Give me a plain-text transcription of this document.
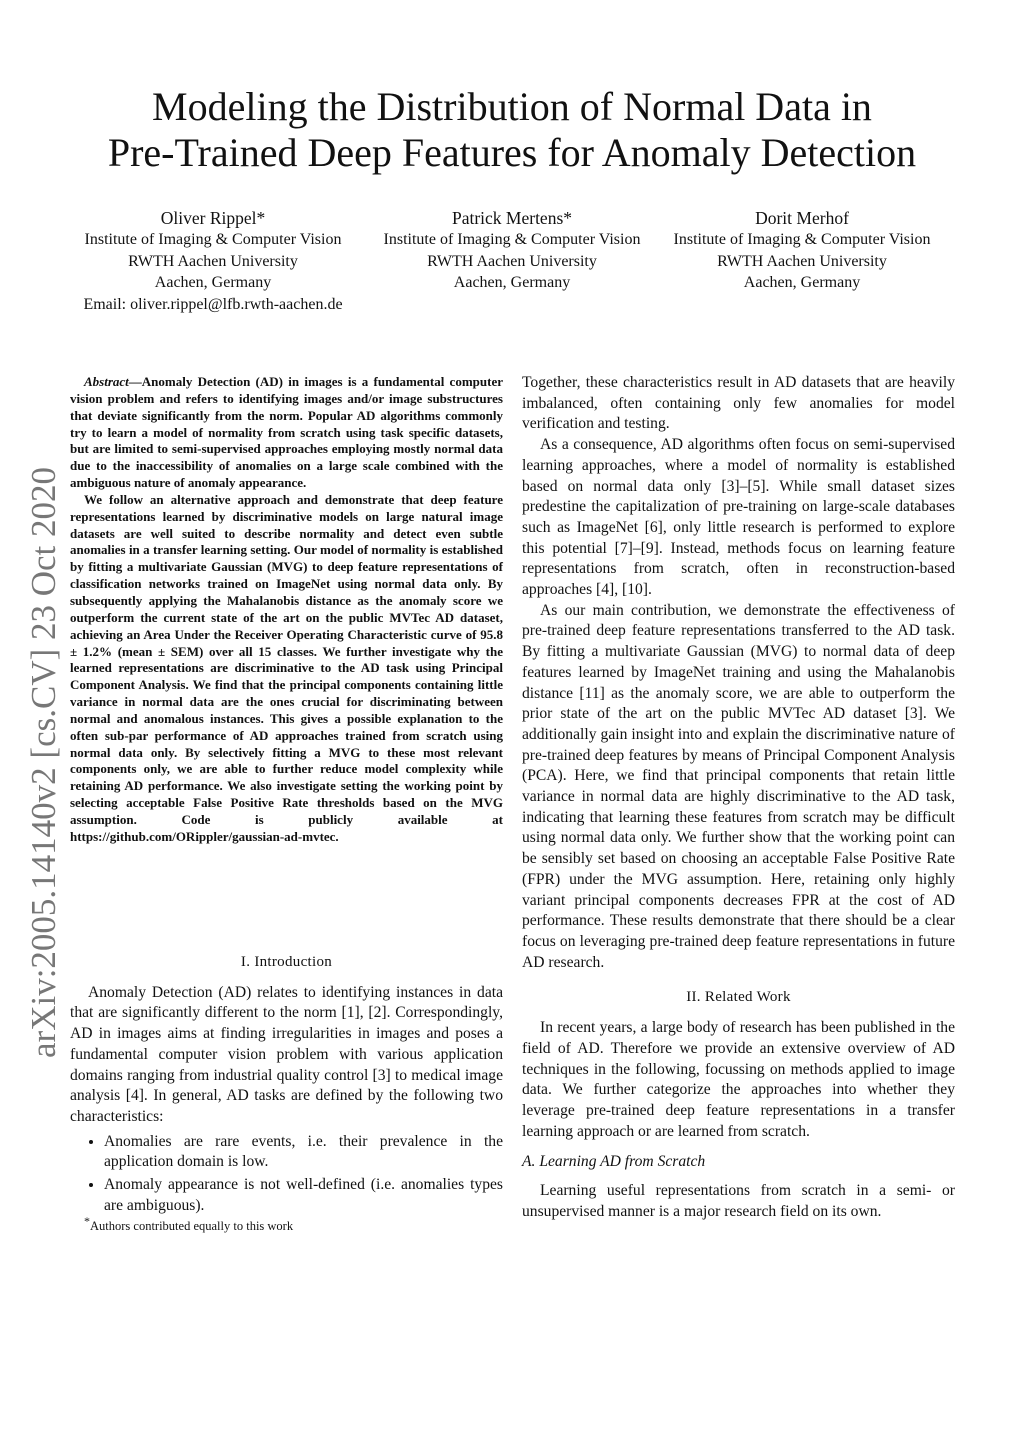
Modeling the Distribution of Normal Data in
Pre-Trained Deep Features for Anomaly Detection
Oliver Rippel*
Institute of Imaging & Computer Vision
RWTH Aachen University
Aachen, Germany
Email: oliver.rippel@lfb.rwth-aachen.de
Patrick Mertens*
Institute of Imaging & Computer Vision
RWTH Aachen University
Aachen, Germany
Dorit Merhof
Institute of Imaging & Computer Vision
RWTH Aachen University
Aachen, Germany
arXiv:2005.14140v2 [cs.CV] 23 Oct 2020

Abstract—Anomaly Detection (AD) in images is a fundamental computer vision problem and refers to identifying images and/or image substructures that deviate significantly from the norm. Popular AD algorithms commonly try to learn a model of normality from scratch using task specific datasets, but are limited to semi-supervised approaches employing mostly normal data due to the inaccessibility of anomalies on a large scale combined with the ambiguous nature of anomaly appearance.

We follow an alternative approach and demonstrate that deep feature representations learned by discriminative models on large natural image datasets are well suited to describe normality and detect even subtle anomalies in a transfer learning setting. Our model of normality is established by fitting a multivariate Gaussian (MVG) to deep feature representations of classification networks trained on ImageNet using normal data only. By subsequently applying the Mahalanobis distance as the anomaly score we outperform the current state of the art on the public MVTec AD dataset, achieving an Area Under the Receiver Operating Characteristic curve of 95.8 ± 1.2% (mean ± SEM) over all 15 classes. We further investigate why the learned representations are discriminative to the AD task using Principal Component Analysis. We find that the principal components containing little variance in normal data are the ones crucial for discriminating between normal and anomalous instances. This gives a possible explanation to the often sub-par performance of AD approaches trained from scratch using normal data only. By selectively fitting a MVG to these most relevant components only, we are able to further reduce model complexity while retaining AD performance. We also investigate setting the working point by selecting acceptable False Positive Rate thresholds based on the MVG assumption. Code is publicly available at https://github.com/ORippler/gaussian-ad-mvtec.

I. Introduction

Anomaly Detection (AD) relates to identifying instances in data that are significantly different to the norm [1], [2]. Correspondingly, AD in images aims at finding irregularities in images and poses a fundamental computer vision problem with various application domains ranging from industrial quality control [3] to medical image analysis [4]. In general, AD tasks are defined by the following two characteristics:

• Anomalies are rare events, i.e. their prevalence in the application domain is low.
• Anomaly appearance is not well-defined (i.e. anomalies types are ambiguous).
*Authors contributed equally to this work

Together, these characteristics result in AD datasets that are heavily imbalanced, often containing only few anomalies for model verification and testing.

As a consequence, AD algorithms often focus on semi-supervised learning approaches, where a model of normality is established based on normal data only [3]–[5]. While small dataset sizes predestine the capitalization of pre-training on large-scale databases such as ImageNet [6], only little research is performed to explore this potential [7]–[9]. Instead, methods focus on learning feature representations from scratch, often in reconstruction-based approaches [4], [10].

As our main contribution, we demonstrate the effectiveness of pre-trained deep feature representations transferred to the AD task. By fitting a multivariate Gaussian (MVG) to normal data of deep features learned by ImageNet training and using the Mahalanobis distance [11] as the anomaly score, we are able to outperform the prior state of the art on the public MVTec AD dataset [3]. We additionally gain insight into and explain the discriminative nature of pre-trained deep features by means of Principal Component Analysis (PCA). Here, we find that principal components that retain little variance in normal data are highly discriminative to the AD task, indicating that learning these features from scratch may be difficult using normal data only. We further show that the working point can be sensibly set based on choosing an acceptable False Positive Rate (FPR) under the MVG assumption. Here, retaining only highly variant principal components decreases FPR at the cost of AD performance. These results demonstrate that there should be a clear focus on leveraging pre-trained deep feature representations in future AD research.

II. Related Work

In recent years, a large body of research has been published in the field of AD. Therefore we provide an extensive overview of AD techniques in the following, focussing on methods applied to image data. We further categorize the approaches into whether they leverage pre-trained deep feature representations in a transfer learning approach or are learned from scratch.

A. Learning AD from Scratch

Learning useful representations from scratch in a semi- or unsupervised manner is a major research field on its own.
